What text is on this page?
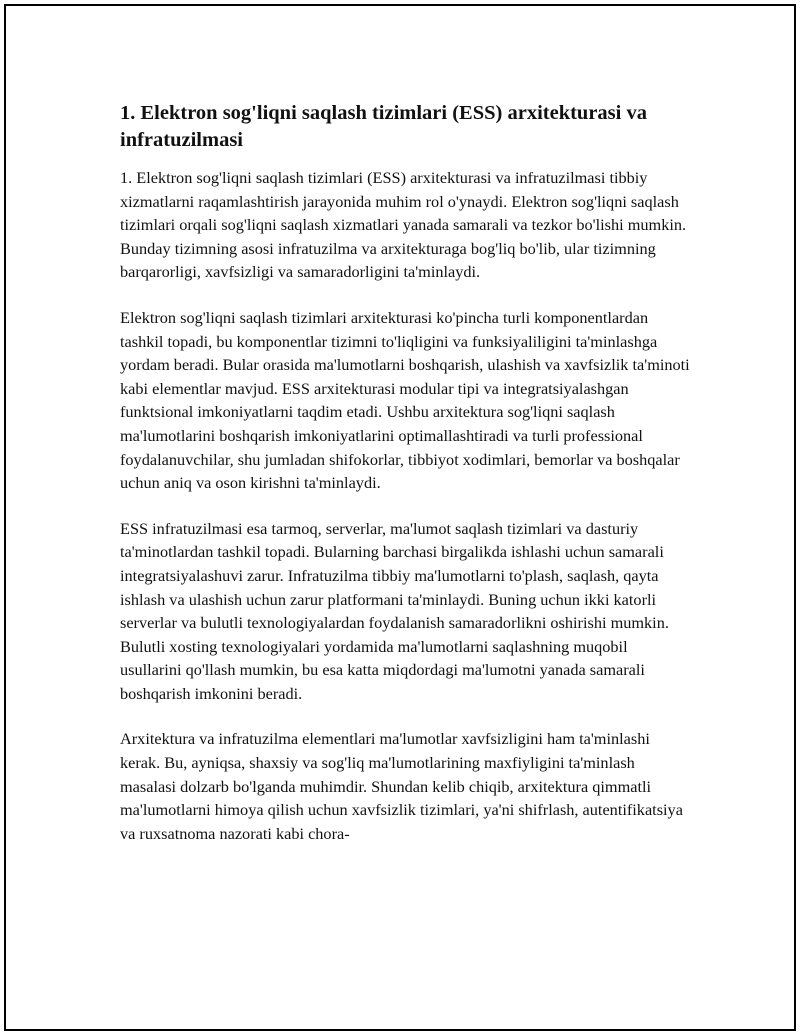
1. Elektron sog'liqni saqlash tizimlari (ESS) arxitekturasi va infratuzilmasi

1. Elektron sog'liqni saqlash tizimlari (ESS) arxitekturasi va infratuzilmasi tibbiy xizmatlarni raqamlashtirish jarayonida muhim rol o'ynaydi. Elektron sog'liqni saqlash tizimlari orqali sog'liqni saqlash xizmatlari yanada samarali va tezkor bo'lishi mumkin. Bunday tizimning asosi infratuzilma va arxitekturaga bog'liq bo'lib, ular tizimning barqarorligi, xavfsizligi va samaradorligini ta'minlaydi.

Elektron sog'liqni saqlash tizimlari arxitekturasi ko'pincha turli komponentlardan tashkil topadi, bu komponentlar tizimni to'liqligini va funksiyaliligini ta'minlashga yordam beradi. Bular orasida ma'lumotlarni boshqarish, ulashish va xavfsizlik ta'minoti kabi elementlar mavjud. ESS arxitekturasi modular tipi va integratsiyalashgan funktsional imkoniyatlarni taqdim etadi. Ushbu arxitektura sog'liqni saqlash ma'lumotlarini boshqarish imkoniyatlarini optimallashtiradi va turli professional foydalanuvchilar, shu jumladan shifokorlar, tibbiyot xodimlari, bemorlar va boshqalar uchun aniq va oson kirishni ta'minlaydi.

ESS infratuzilmasi esa tarmoq, serverlar, ma'lumot saqlash tizimlari va dasturiy ta'minotlardan tashkil topadi. Bularning barchasi birgalikda ishlashi uchun samarali integratsiyalashuvi zarur. Infratuzilma tibbiy ma'lumotlarni to'plash, saqlash, qayta ishlash va ulashish uchun zarur platformani ta'minlaydi. Buning uchun ikki katorli serverlar va bulutli texnologiyalardan foydalanish samaradorlikni oshirishi mumkin. Bulutli xosting texnologiyalari yordamida ma'lumotlarni saqlashning muqobil usullarini qo'llash mumkin, bu esa katta miqdordagi ma'lumotni yanada samarali boshqarish imkonini beradi.

Arxitektura va infratuzilma elementlari ma'lumotlar xavfsizligini ham ta'minlashi kerak. Bu, ayniqsa, shaxsiy va sog'liq ma'lumotlarining maxfiyligini ta'minlash masalasi dolzarb bo'lganda muhimdir. Shundan kelib chiqib, arxitektura qimmatli ma'lumotlarni himoya qilish uchun xavfsizlik tizimlari, ya'ni shifrlash, autentifikatsiya va ruxsatnoma nazorati kabi chora-
